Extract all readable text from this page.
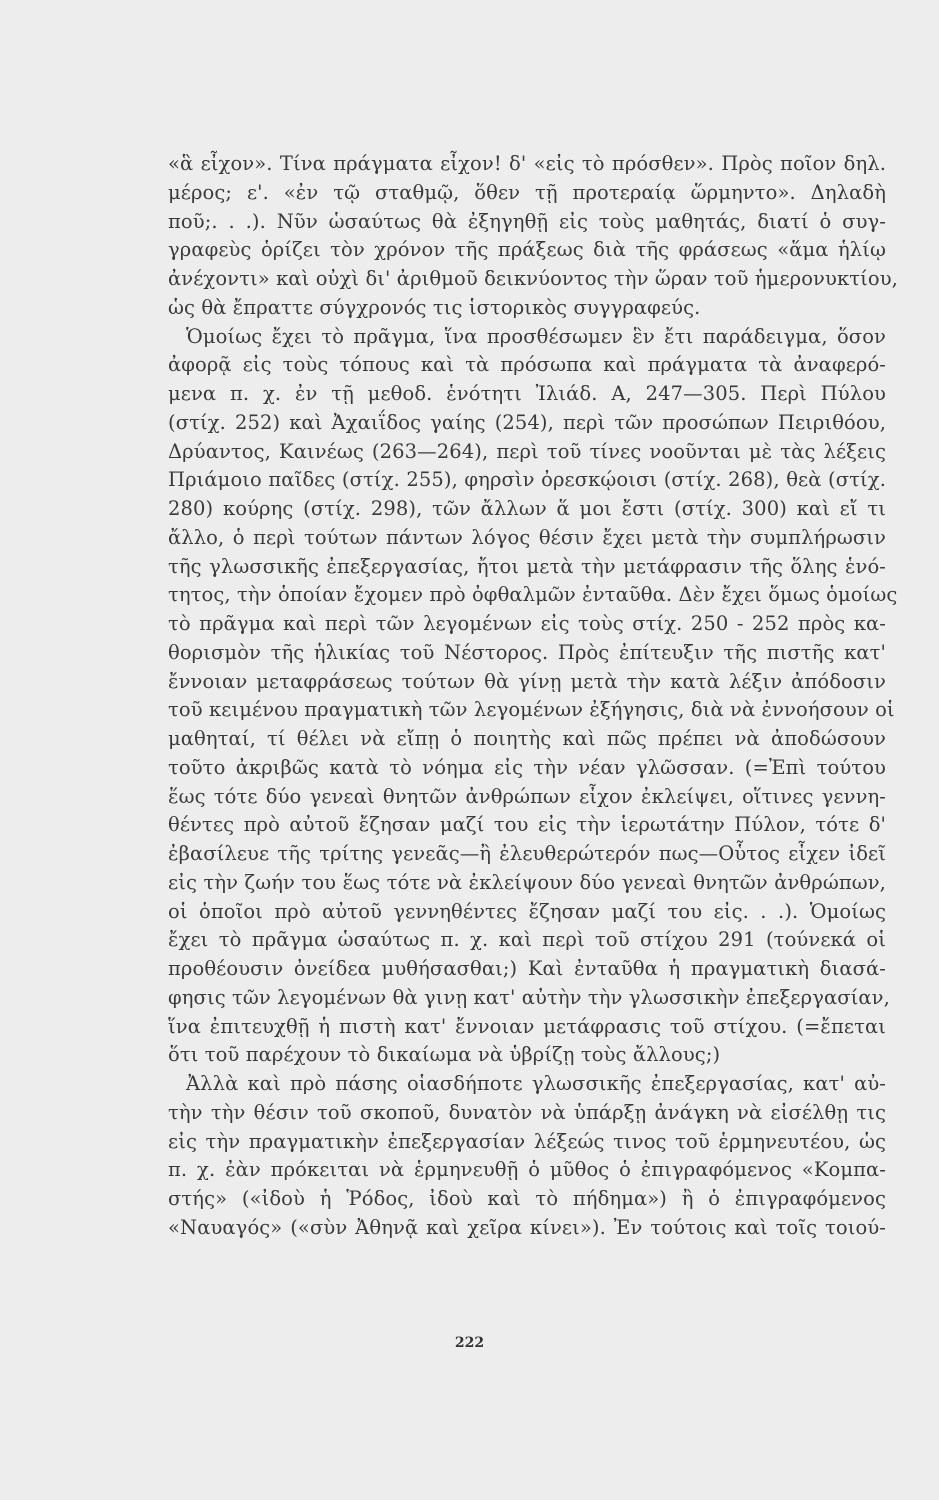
«ἃ εἶχον». Τίνα πράγματα εἶχον! δ' «εἰς τὸ πρόσθεν». Πρὸς ποῖον δηλ.
μέρος; ε'. «ἐν τῷ σταθμῷ, ὅθεν τῇ προτεραίᾳ ὥρμηντο». Δηλαδὴ
ποῦ;. . .). Νῦν ὡσαύτως θὰ ἐξηγηθῇ εἰς τοὺς μαθητάς, διατί ὁ συγ-
γραφεὺς ὁρίζει τὸν χρόνον τῆς πράξεως διὰ τῆς φράσεως «ἅμα ἡλίῳ
ἀνέχοντι» καὶ οὐχὶ δι' ἀριθμοῦ δεικνύοντος τὴν ὥραν τοῦ ἡμερονυκτίου,
ὡς θὰ ἔπραττε σύγχρονός τις ἱστορικὸς συγγραφεύς.
Ὁμοίως ἔχει τὸ πρᾶγμα, ἵνα προσθέσωμεν ἓν ἔτι παράδειγμα, ὅσον
ἀφορᾷ εἰς τοὺς τόπους καὶ τὰ πρόσωπα καὶ πράγματα τὰ ἀναφερό-
μενα π. χ. ἐν τῇ μεθοδ. ἑνότητι Ἰλιάδ. Α, 247—305. Περὶ Πύλου
(στίχ. 252) καὶ Ἀχαιΐδος γαίης (254), περὶ τῶν προσώπων Πειριθόου,
Δρύαντος, Καινέως (263—264), περὶ τοῦ τίνες νοοῦνται μὲ τὰς λέξεις
Πριάμοιο παῖδες (στίχ. 255), φηρσὶν ὀρεσκῴοισι (στίχ. 268), θεὰ (στίχ.
280) κούρης (στίχ. 298), τῶν ἄλλων ἅ μοι ἔστι (στίχ. 300) καὶ εἴ τι
ἄλλο, ὁ περὶ τούτων πάντων λόγος θέσιν ἔχει μετὰ τὴν συμπλήρωσιν
τῆς γλωσσικῆς ἐπεξεργασίας, ἤτοι μετὰ τὴν μετάφρασιν τῆς ὅλης ἑνό-
τητος, τὴν ὁποίαν ἔχομεν πρὸ ὀφθαλμῶν ἐνταῦθα. Δὲν ἔχει ὅμως ὁμοίως
τὸ πρᾶγμα καὶ περὶ τῶν λεγομένων εἰς τοὺς στίχ. 250 - 252 πρὸς κα-
θορισμὸν τῆς ἡλικίας τοῦ Νέστορος. Πρὸς ἐπίτευξιν τῆς πιστῆς κατ'
ἔννοιαν μεταφράσεως τούτων θὰ γίνῃ μετὰ τὴν κατὰ λέξιν ἀπόδοσιν
τοῦ κειμένου πραγματικὴ τῶν λεγομένων ἐξήγησις, διὰ νὰ ἐννοήσουν οἱ
μαθηταί, τί θέλει νὰ εἴπῃ ὁ ποιητὴς καὶ πῶς πρέπει νὰ ἀποδώσουν
τοῦτο ἀκριβῶς κατὰ τὸ νόημα εἰς τὴν νέαν γλῶσσαν. (=Ἐπὶ τούτου
ἕως τότε δύο γενεαὶ θνητῶν ἀνθρώπων εἶχον ἐκλείψει, οἵτινες γεννη-
θέντες πρὸ αὐτοῦ ἔζησαν μαζί του εἰς τὴν ἱερωτάτην Πύλον, τότε δ'
ἐβασίλευε τῆς τρίτης γενεᾶς—ἢ ἐλευθερώτερόν πως—Οὗτος εἶχεν ἰδεῖ
εἰς τὴν ζωήν του ἕως τότε νὰ ἐκλείψουν δύο γενεαὶ θνητῶν ἀνθρώπων,
οἱ ὁποῖοι πρὸ αὐτοῦ γεννηθέντες ἔζησαν μαζί του εἰς. . .). Ὁμοίως
ἔχει τὸ πρᾶγμα ὡσαύτως π. χ. καὶ περὶ τοῦ στίχου 291 (τούνεκά οἱ
προθέουσιν ὀνείδεα μυθήσασθαι;) Καὶ ἐνταῦθα ἡ πραγματικὴ διασά-
φησις τῶν λεγομένων θὰ γινῃ κατ' αὐτὴν τὴν γλωσσικὴν ἐπεξεργασίαν,
ἵνα ἐπιτευχθῇ ἡ πιστὴ κατ' ἔννοιαν μετάφρασις τοῦ στίχου. (=ἔπεται
ὅτι τοῦ παρέχουν τὸ δικαίωμα νὰ ὑβρίζῃ τοὺς ἄλλους;)
Ἀλλὰ καὶ πρὸ πάσης οἱασδήποτε γλωσσικῆς ἐπεξεργασίας, κατ' αὐ-
τὴν τὴν θέσιν τοῦ σκοποῦ, δυνατὸν νὰ ὑπάρξῃ ἀνάγκη νὰ εἰσέλθῃ τις
εἰς τὴν πραγματικὴν ἐπεξεργασίαν λέξεώς τινος τοῦ ἑρμηνευτέου, ὡς
π. χ. ἐὰν πρόκειται νὰ ἑρμηνευθῇ ὁ μῦθος ὁ ἐπιγραφόμενος «Κομπα-
στής» («ἰδοὺ ἡ Ῥόδος, ἰδοὺ καὶ τὸ πήδημα») ἢ ὁ ἐπιγραφόμενος
«Ναυαγός» («σὺν Ἀθηνᾷ καὶ χεῖρα κίνει»). Ἐν τούτοις καὶ τοῖς τοιού-
222
